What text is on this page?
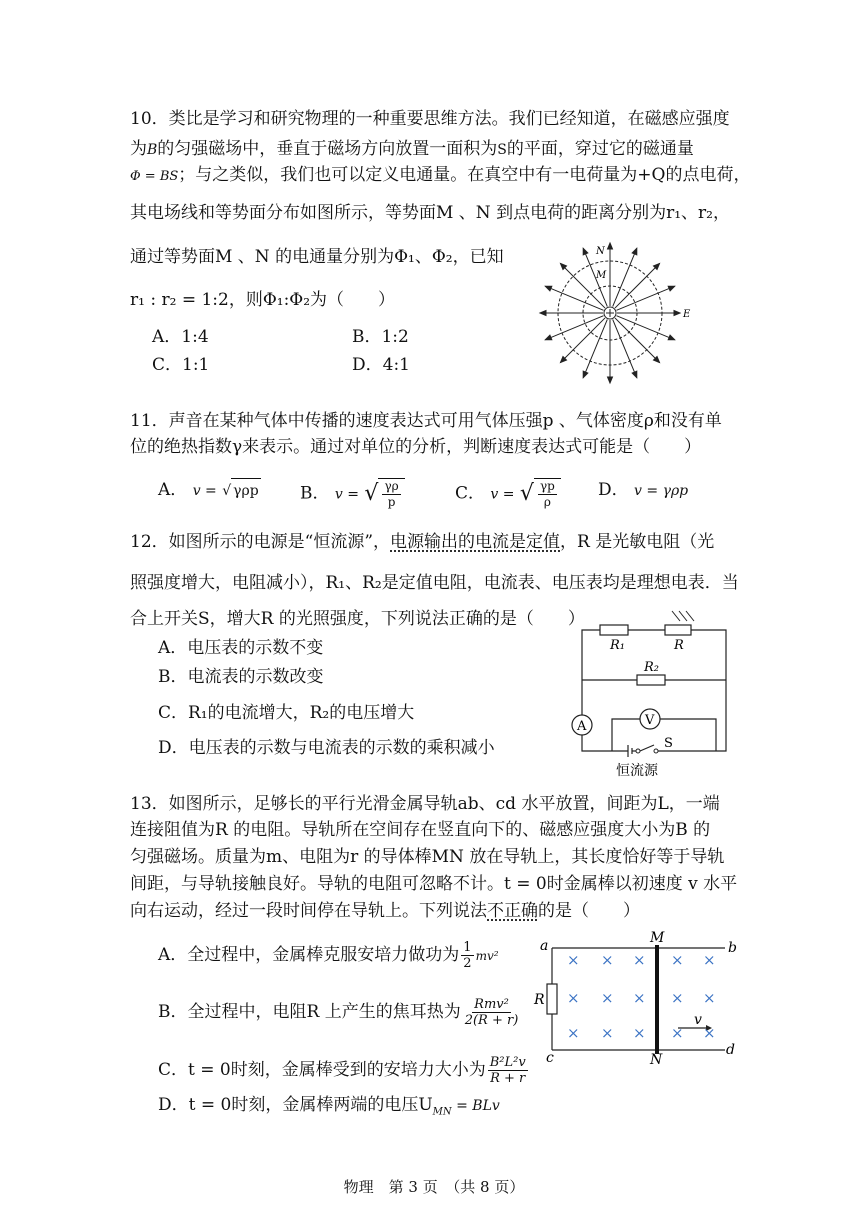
10．类比是学习和研究物理的一种重要思维方法。我们已经知道，在磁感应强度
为B的匀强磁场中，垂直于磁场方向放置一面积为S的平面，穿过它的磁通量
Φ = BS；与之类似，我们也可以定义电通量。在真空中有一电荷量为+Q的点电荷，
其电场线和等势面分布如图所示，等势面M 、N 到点电荷的距离分别为r₁、r₂，
通过等势面M 、N 的电通量分别为Φ₁、Φ₂，已知
r₁ : r₂ = 1:2，则Φ₁:Φ₂为（　　）
A．1:4	B．1:2
C．1:1	D．4:1
N
M
E
11．声音在某种气体中传播的速度表达式可用气体压强p 、气体密度ρ和没有单
位的绝热指数γ来表示。通过对单位的分析，判断速度表达式可能是（　　）
A． v = √ γρp B． v = √ $\frac{\gamma\rho}{p}$	C． v = √ $\frac{\gamma p}{\rho}$ D． v = γρp
12．如图所示的电源是“恒流源”，电源输出的电流是定值，R 是光敏电阻（光
照强度增大，电阻减小），R₁、R₂是定值电阻，电流表、电压表均是理想电表．当
合上开关S，增大R 的光照强度，下列说法正确的是（　　）
A．电压表的示数不变
B．电流表的示数改变
C．R₁的电流增大，R₂的电压增大
D．电压表的示数与电流表的示数的乘积减小
A	V
R₁	R
R₂
S
恒流源
13．如图所示，足够长的平行光滑金属导轨ab、cd 水平放置，间距为L，一端
连接阻值为R 的电阻。导轨所在空间存在竖直向下的、磁感应强度大小为B 的
匀强磁场。质量为m、电阻为r 的导体棒MN 放在导轨上，其长度恰好等于导轨
间距，与导轨接触良好。导轨的电阻可忽略不计。t = 0时金属棒以初速度 v 水平
向右运动，经过一段时间停在导轨上。下列说法不正确的是（　　）
A．全过程中，金属棒克服安培力做功为 $\frac{1}{2} mv^2$
B．全过程中，电阻R 上产生的焦耳热为 $\frac{\text{Rmv²}}{2(R + r)}$
C．t = 0时刻，金属棒受到的安培力大小为 $\frac{\text{B²L²v}}{R + r}$
D．t = 0时刻，金属棒两端的电压$U_{MN}$ = BLv
× × × × ×
× × × × ×
× × × × ×
a	b
c	d
M
N
R
v
物理　第 3 页　（共 8 页）
